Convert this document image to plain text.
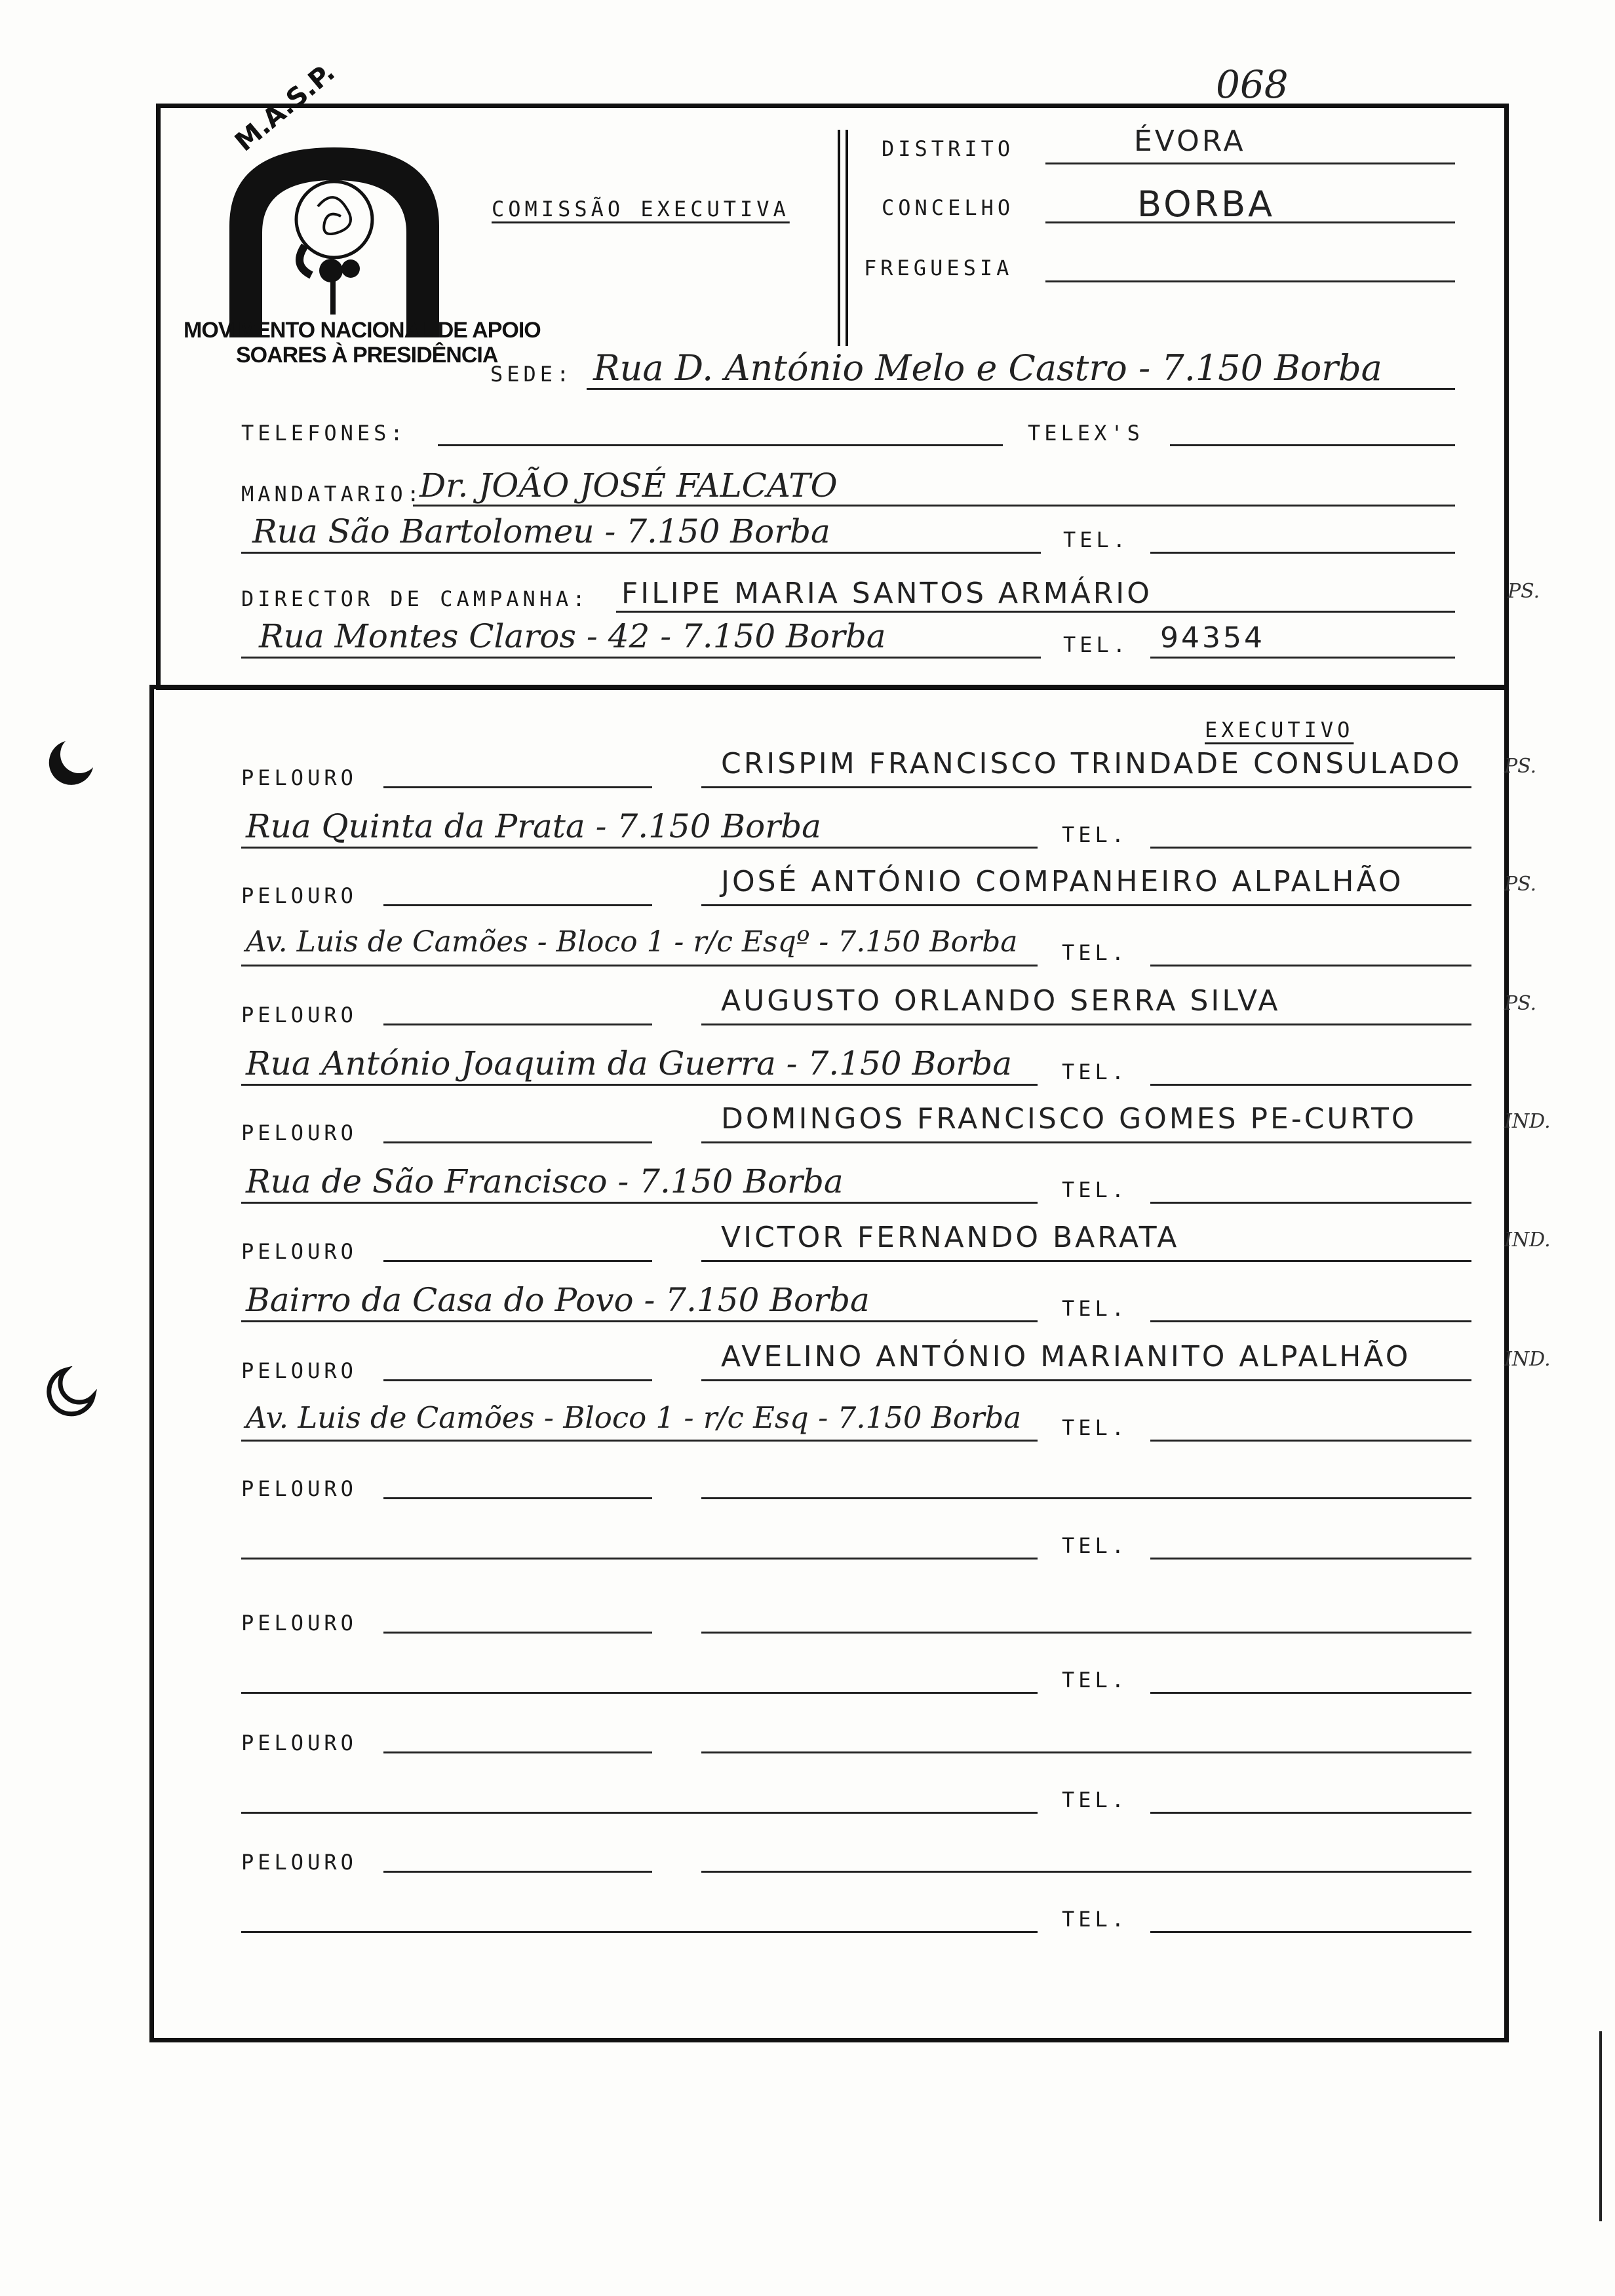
068
M.A.S.P.
MOVIMENTO NACIONAL DE APOIO
SOARES À PRESIDÊNCIA
COMISSÃO EXECUTIVA
DISTRITO	ÉVORA
CONCELHO	BORBA
FREGUESIA
SEDE: Rua D. António Melo e Castro - 7.150 Borba
TELEFONES:	TELEX'S
MANDATARIO:
Dr. JOÃO JOSÉ FALCATO
Rua São Bartolomeu - 7.150 Borba	TEL.
DIRECTOR DE CAMPANHA: FILIPE MARIA SANTOS ARMÁRIO	PS.
Rua Montes Claros - 42 - 7.150 Borba	TEL. 94354
EXECUTIVO
PELOURO	CRISPIM FRANCISCO TRINDADE CONSULADO PS.
Rua Quinta da Prata - 7.150 Borba	TEL.
PELOURO	JOSÉ ANTÓNIO COMPANHEIRO ALPALHÃO	PS.
Av. Luis de Camões - Bloco 1 - r/c Esqº - 7.150 Borba TEL.
PELOURO	AUGUSTO ORLANDO SERRA SILVA	PS.
Rua António Joaquim da Guerra - 7.150 Borba TEL.
PELOURO	DOMINGOS FRANCISCO GOMES PE-CURTO	IND.
Rua de São Francisco - 7.150 Borba	TEL.
PELOURO	VICTOR FERNANDO BARATA	IND.
Bairro da Casa do Povo - 7.150 Borba	TEL.
PELOURO	AVELINO ANTÓNIO MARIANITO ALPALHÃO	IND.
Av. Luis de Camões - Bloco 1 - r/c Esq - 7.150 Borba TEL.
PELOURO
TEL.
PELOURO
TEL.
PELOURO
TEL.
PELOURO
TEL.
